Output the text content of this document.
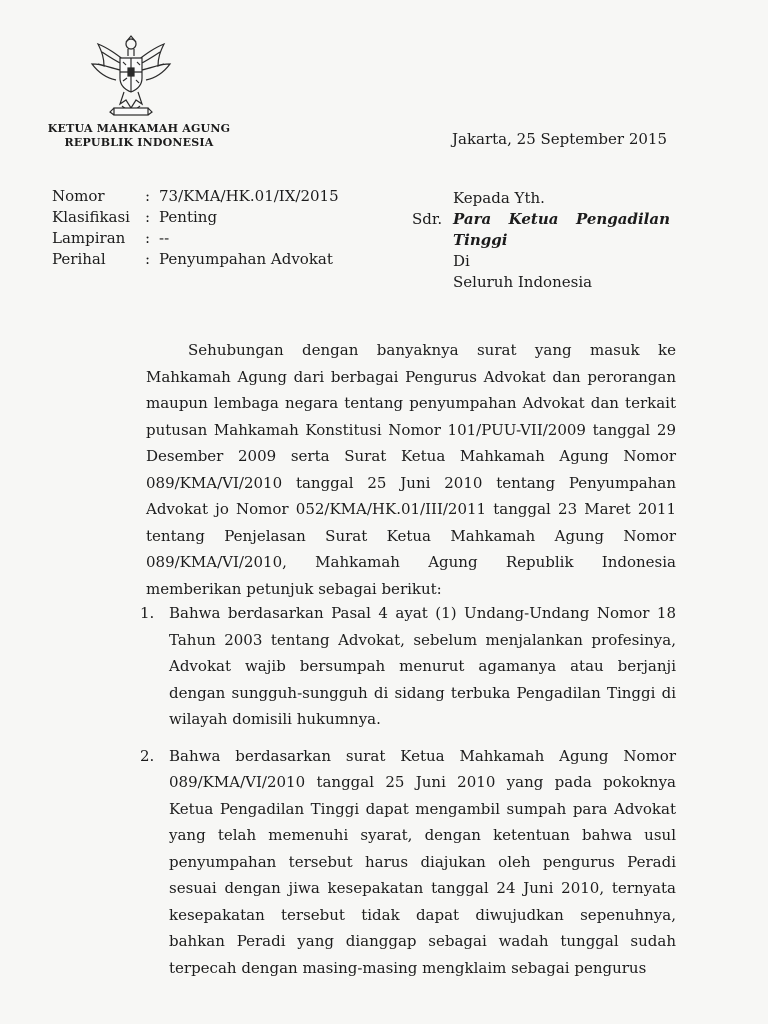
KETUA MAHKAMAH AGUNG
REPUBLIK INDONESIA	Jakarta, 25 September 2015
Nomor	: 73/KMA/HK.01/IX/2015
Klasifikasi	: Penting
Lampiran	: --
Perihal	: Penyumpahan Advokat
Kepada Yth.
Sdr. Para Ketua Pengadilan
Tinggi
Di
Seluruh Indonesia

Sehubungan dengan banyaknya surat yang masuk ke Mahkamah Agung dari berbagai Pengurus Advokat dan perorangan maupun lembaga negara tentang penyumpahan Advokat dan terkait putusan Mahkamah Konstitusi Nomor 101/PUU-VII/2009 tanggal 29 Desember 2009 serta Surat Ketua Mahkamah Agung Nomor 089/KMA/VI/2010 tanggal 25 Juni 2010 tentang Penyumpahan Advokat jo Nomor 052/KMA/HK.01/III/2011 tanggal 23 Maret 2011 tentang Penjelasan Surat Ketua Mahkamah Agung Nomor 089/KMA/VI/2010, Mahkamah Agung Republik Indonesia memberikan petunjuk sebagai berikut:

1. Bahwa berdasarkan Pasal 4 ayat (1) Undang-Undang Nomor 18 Tahun 2003 tentang Advokat, sebelum menjalankan profesinya, Advokat wajib bersumpah menurut agamanya atau berjanji dengan sungguh-sungguh di sidang terbuka Pengadilan Tinggi di wilayah domisili hukumnya.
2. Bahwa berdasarkan surat Ketua Mahkamah Agung Nomor 089/KMA/VI/2010 tanggal 25 Juni 2010 yang pada pokoknya Ketua Pengadilan Tinggi dapat mengambil sumpah para Advokat yang telah memenuhi syarat, dengan ketentuan bahwa usul penyumpahan tersebut harus diajukan oleh pengurus Peradi sesuai dengan jiwa kesepakatan tanggal 24 Juni 2010, ternyata kesepakatan tersebut tidak dapat diwujudkan sepenuhnya, bahkan Peradi yang dianggap sebagai wadah tunggal sudah terpecah dengan masing-masing mengklaim sebagai pengurus
